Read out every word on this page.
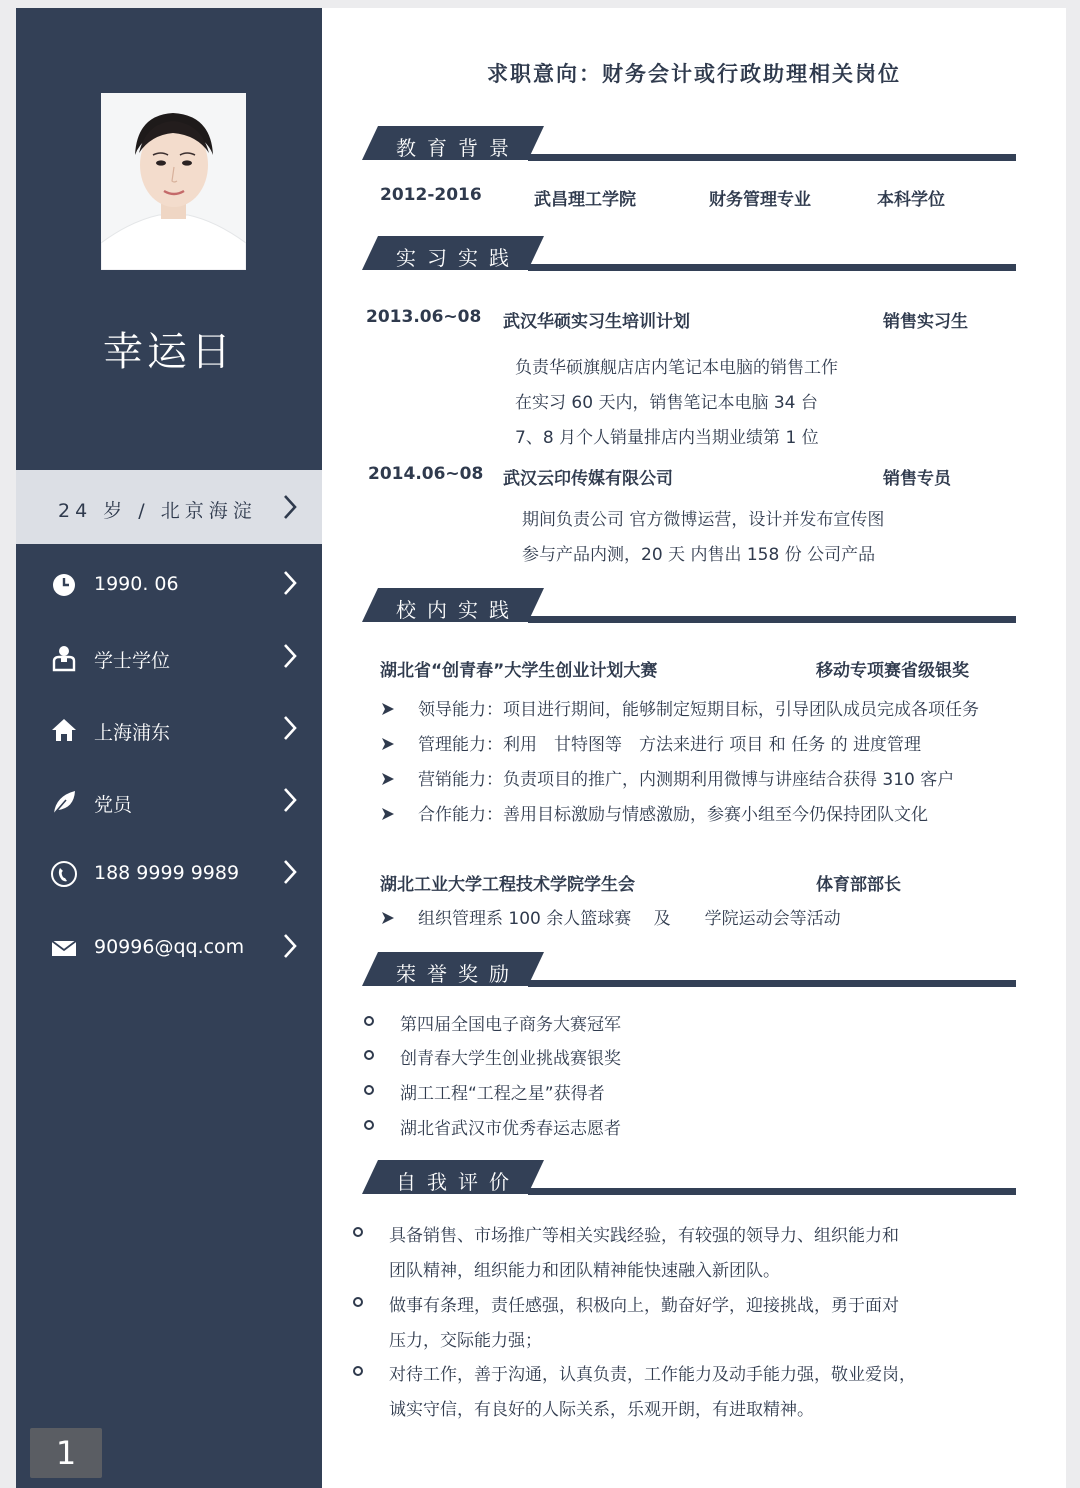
幸运日
24 岁 / 北京海淀
1990. 06
学士学位
上海浦东
党员
188 9999 9989
90996@qq.com
1
求职意向：财务会计或行政助理相关岗位
教育背景
2012-2016	武昌理工学院	财务管理专业	本科学位
实习实践
2013.06~08 武汉华硕实习生培训计划	销售实习生
负责华硕旗舰店店内笔记本电脑的销售工作
在实习 60 天内，销售笔记本电脑 34 台
7、8 月个人销量排店内当期业绩第 1 位
2014.06~08 武汉云印传媒有限公司	销售专员
期间负责公司 官方微博运营，设计并发布宣传图
参与产品内测，20 天 内售出 158 份 公司产品
校内实践
湖北省“创青春”大学生创业计划大赛	移动专项赛省级银奖
领导能力：项目进行期间，能够制定短期目标，引导团队成员完成各项任务
管理能力：利用　甘特图等　方法来进行 项目 和 任务 的 进度管理
营销能力：负责项目的推广，内测期利用微博与讲座结合获得 310 客户
合作能力：善用目标激励与情感激励，参赛小组至今仍保持团队文化
湖北工业大学工程技术学院学生会	体育部部长
组织管理系 100 余人篮球赛　 及　　学院运动会等活动
荣誉奖励
第四届全国电子商务大赛冠军
创青春大学生创业挑战赛银奖
湖工工程“工程之星”获得者
湖北省武汉市优秀春运志愿者
自我评价
具备销售、市场推广等相关实践经验，有较强的领导力、组织能力和
团队精神，组织能力和团队精神能快速融入新团队。
做事有条理，责任感强，积极向上，勤奋好学，迎接挑战，勇于面对
压力，交际能力强；
对待工作，善于沟通，认真负责，工作能力及动手能力强，敬业爱岗，
诚实守信，有良好的人际关系，乐观开朗，有进取精神。
